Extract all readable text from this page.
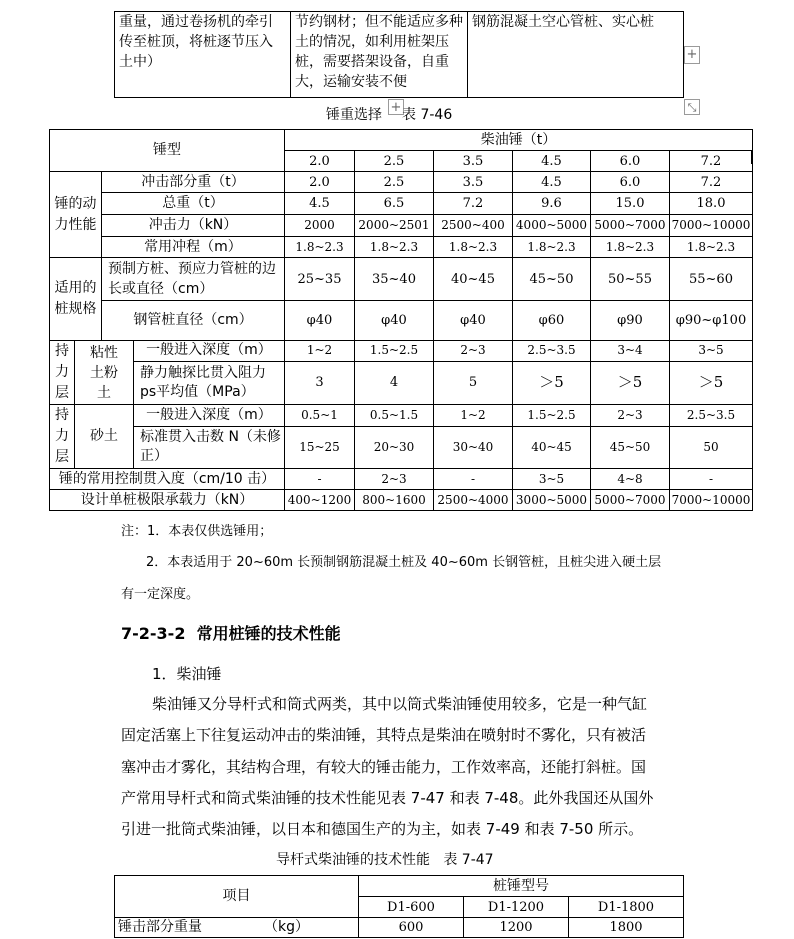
重量，通过卷扬机的牵引传至桩顶，将桩逐节压入土中）	节约钢材；但不能适应多种土的情况，如利用桩架压桩，需要搭架设备，自重大，运输安装不便	钢筋混凝土空心管桩、实心桩
+
+	⤡
锤重选择 表 7-46
锤型				柴油锤（t）					
				2.0	2.5	3.5	4.5	6.0	7.2
锤的动力性能		冲击部分重（t）		2.0	2.5	3.5	4.5	6.0	7.2
		总重（t）		4.5	6.5	7.2	9.6	15.0	18.0
		冲击力（kN）		2000	2000~2501	2500~400	4000~5000	5000~7000	7000~10000
		常用冲程（m）		1.8~2.3	1.8~2.3	1.8~2.3	1.8~2.3	1.8~2.3	1.8~2.3
适用的桩规格		预制方桩、预应力管桩的边长或直径（cm）		25~35	35~40	40~45	45~50	50~55	55~60
		钢管桩直径（cm）		φ40	φ40	φ40	φ60	φ90	φ90~φ100
持力层	粘性土粉土		一般进入深度（m）	1~2	1.5~2.5	2~3	2.5~3.5	3~4	3~5
			静力触探比贯入阻力 ps平均值（MPa）	3	4	5	＞5	＞5	＞5
持力层	砂土		一般进入深度（m）	0.5~1	0.5~1.5	1~2	1.5~2.5	2~3	2.5~3.5
			标准贯入击数 N（未修正）	15~25	20~30	30~40	40~45	45~50	50
锤的常用控制贯入度（cm/10 击）				-	2~3	-	3~5	4~8	-
设计单桩极限承载力（kN）				400~1200	800~1600	2500~4000	3000~5000	5000~7000	7000~10000
注：1．本表仅供选锤用；
2．本表适用于 20~60m 长预制钢筋混凝土桩及 40~60m 长钢管桩，且桩尖进入硬土层
有一定深度。
7-2-3-2  常用桩锤的技术性能
1．柴油锤
柴油锤又分导杆式和筒式两类，其中以筒式柴油锤使用较多，它是一种气缸
固定活塞上下往复运动冲击的柴油锤，其特点是柴油在喷射时不雾化，只有被活
塞冲击才雾化，其结构合理，有较大的锤击能力，工作效率高，还能打斜桩。国
产常用导杆式和筒式柴油锤的技术性能见表 7-47 和表 7-48。此外我国还从国外
引进一批筒式柴油锤，以日本和德国生产的为主，如表 7-49 和表 7-50 所示。
导杆式柴油锤的技术性能   表 7-47
项目	桩锤型号		
	D1-600	D1-1200	D1-1800
锤击部分重量 （kg）	600	1200	1800
